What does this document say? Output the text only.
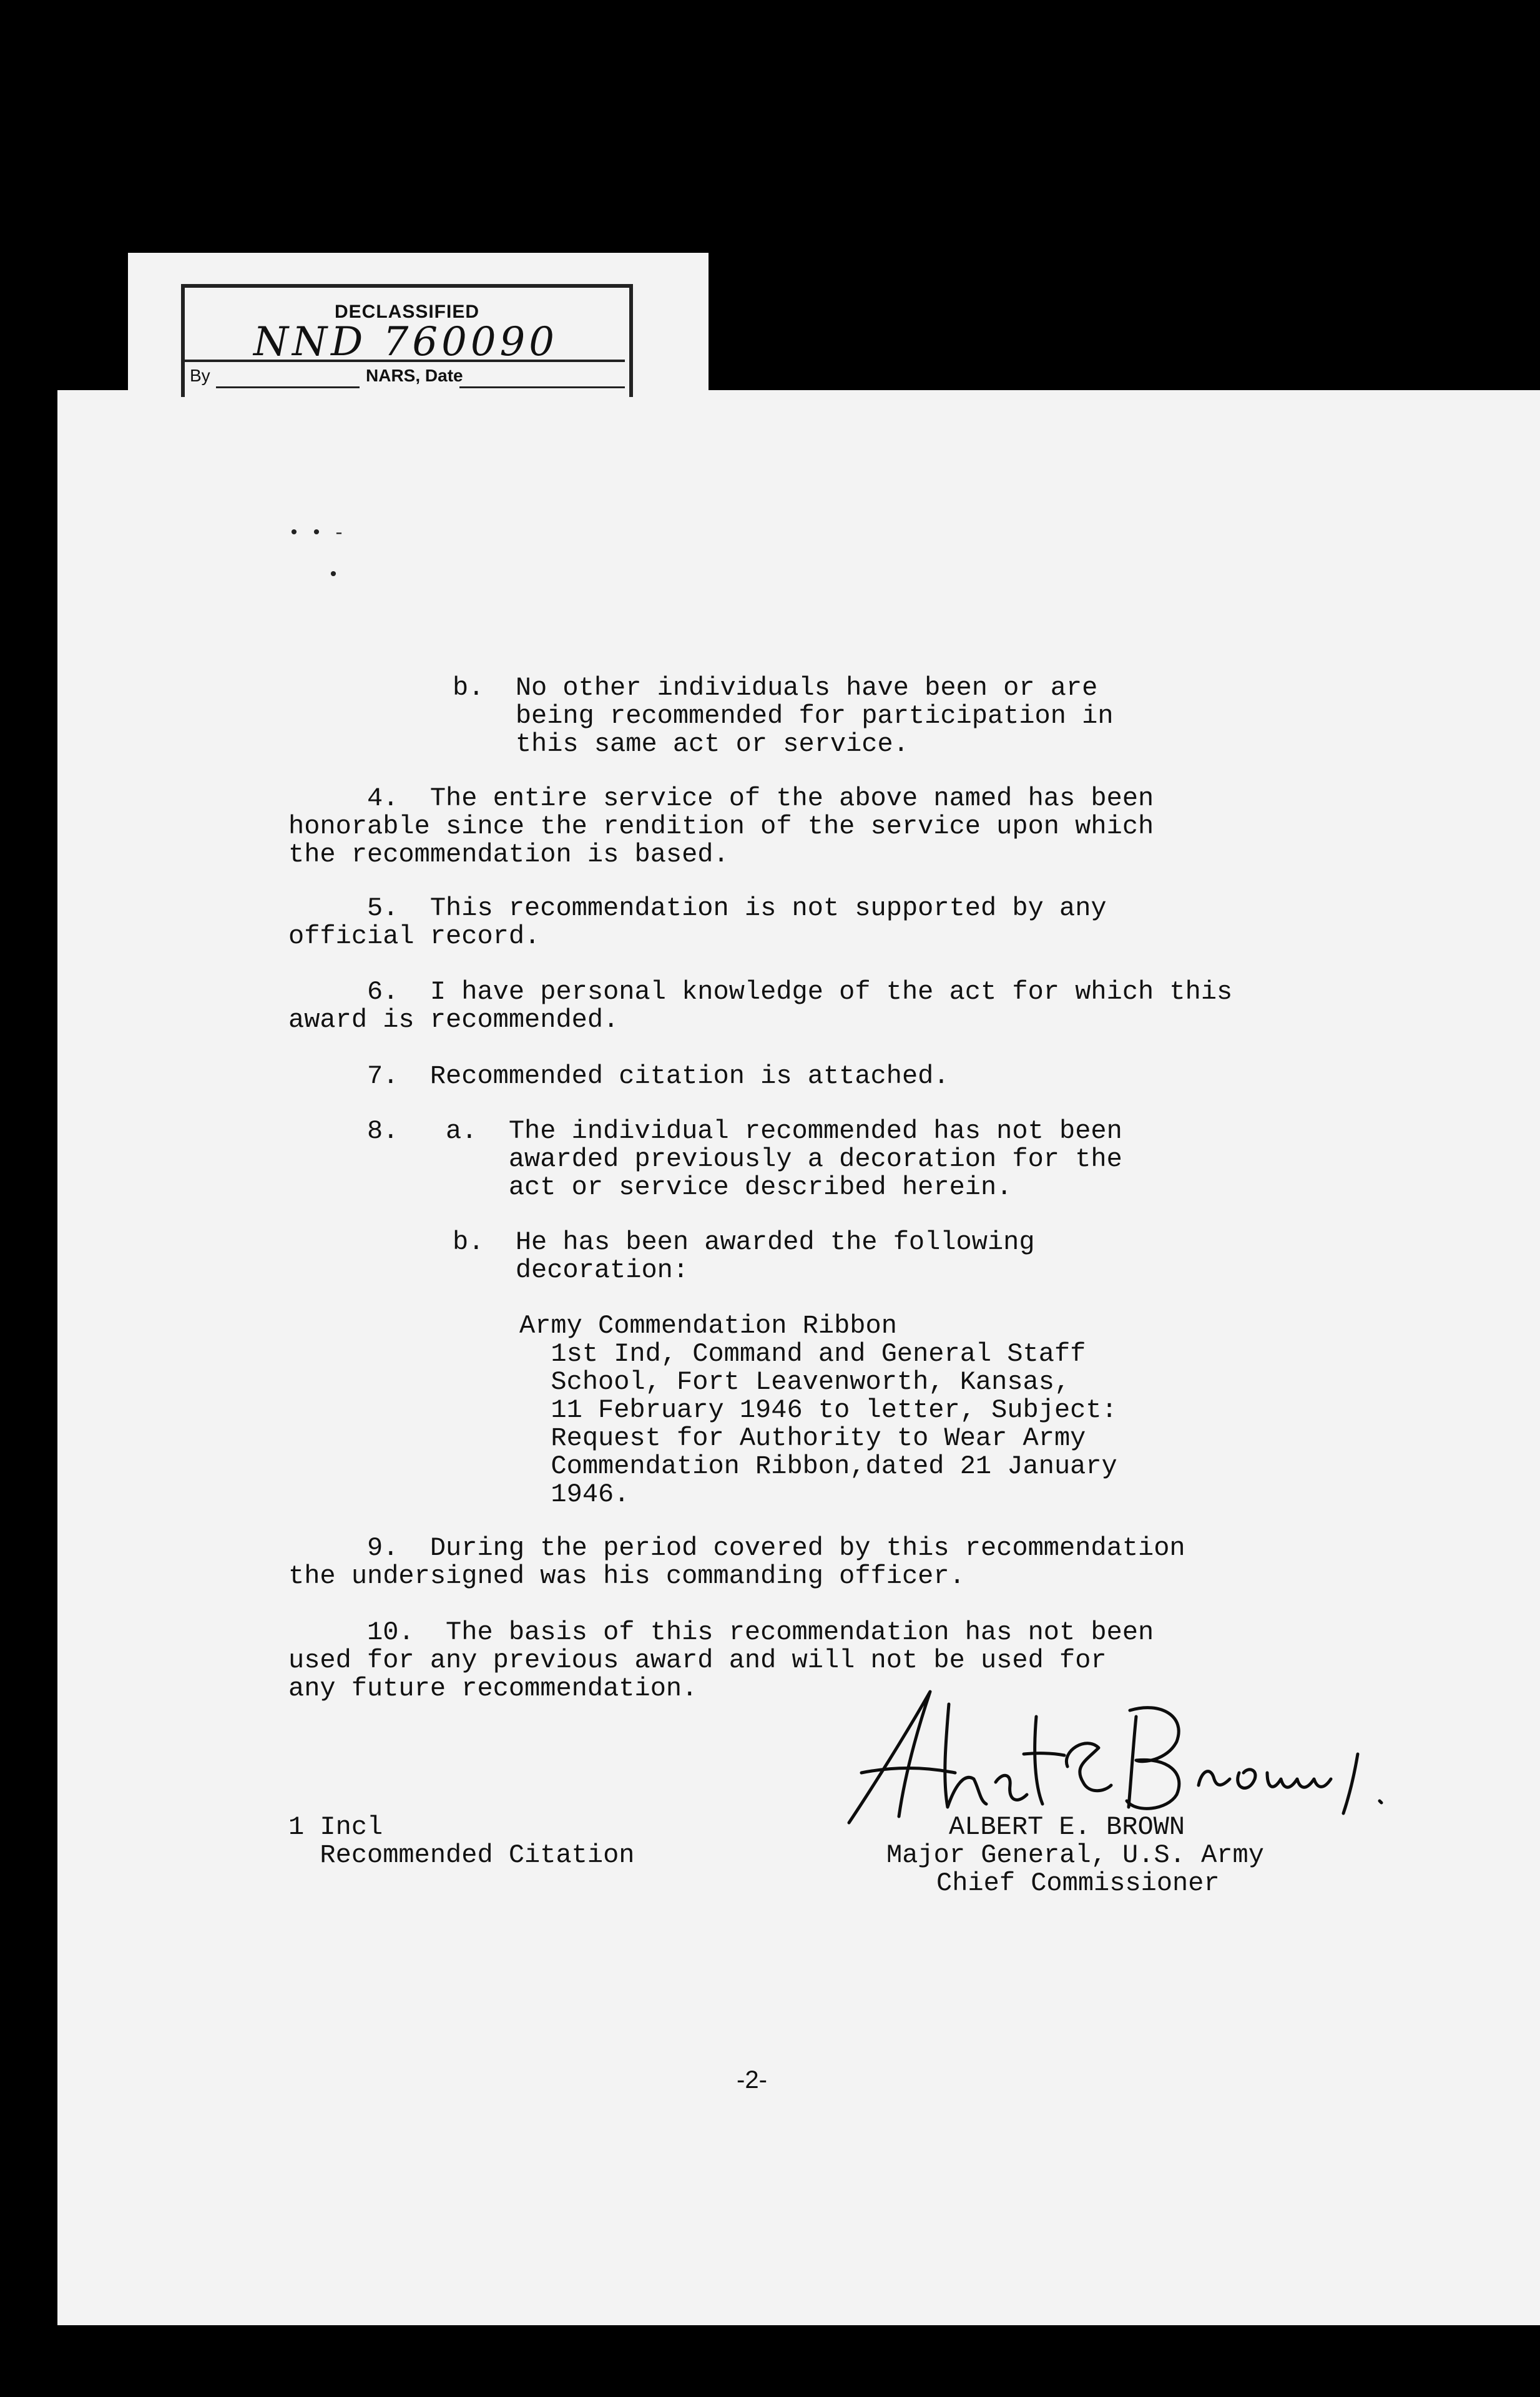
DECLASSIFIED
NND 760090
By	NARS, Date
• • -
•

b.  No other individuals have been or are
being recommended for participation in
this same act or service.

4.  The entire service of the above named has been
honorable since the rendition of the service upon which
the recommendation is based.

5.  This recommendation is not supported by any
official record.

6.  I have personal knowledge of the act for which this
award is recommended.

7.  Recommended citation is attached.

8.   a.  The individual recommended has not been
awarded previously a decoration for the
act or service described herein.

b.  He has been awarded the following
decoration:

Army Commendation Ribbon
1st Ind, Command and General Staff
School, Fort Leavenworth, Kansas,
11 February 1946 to letter, Subject:
Request for Authority to Wear Army
Commendation Ribbon,dated 21 January
1946.

9.  During the period covered by this recommendation
the undersigned was his commanding officer.

10.  The basis of this recommendation has not been
used for any previous award and will not be used for
any future recommendation.

1 Incl
Recommended Citation

ALBERT E. BROWN
Major General, U.S. Army
Chief Commissioner
-2-
